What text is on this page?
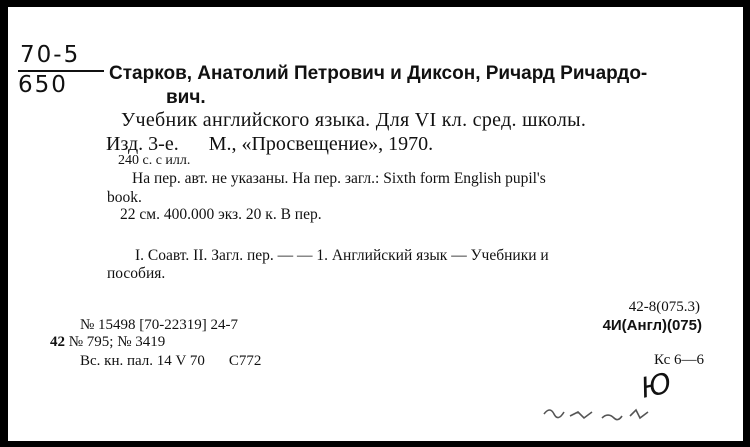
70-5
650 Старков, Анатолий Петрович и Диксон, Ричард Ричардо-
вич.
Учебник английского языка. Для VI кл. сред. школы.
Изд. 3-е. М., «Просвещение», 1970.
240 с. с илл.
На пер. авт. не указаны. На пер. загл.: Sixth form English pupil's
book.
22 см. 400.000 экз. 20 к. В пер.
I. Соавт. II. Загл. пер. — — 1. Английский язык — Учебники и
пособия.
42-8(075.3)
4И(Англ)(075)
№ 15498 [70-22319] 24-7
42 № 795; № 3419
Вс. кн. пал. 14 V 70 С772	Кс 6—6
Ю
